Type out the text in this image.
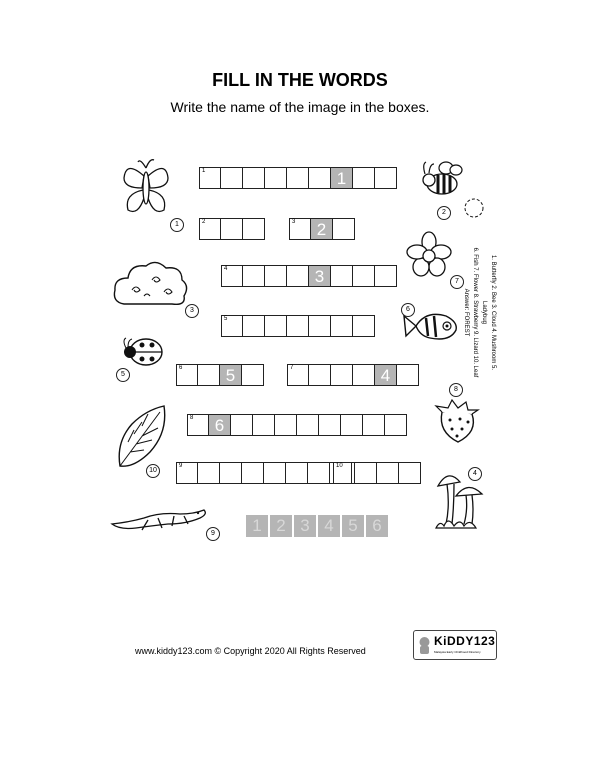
FILL IN THE WORDS
Write the name of the image in the boxes.
1	1
2	3	2
4	3
5
6	5	7	4
8	6
9	10
1
2
3
4
5
6
7
8
9
10
1. Butterfly 2. Bee 3. Cloud 4. Mushroom 5. Ladybug
6. Fish 7. Flower 8. Strawberry 9. Lizard 10. Leaf
Answer: FOREST
1 2 3 4 5 6
www.kiddy123.com © Copyright 2020 All Rights Reserved
KiDDY123
Malaysia Early Childhood Directory
